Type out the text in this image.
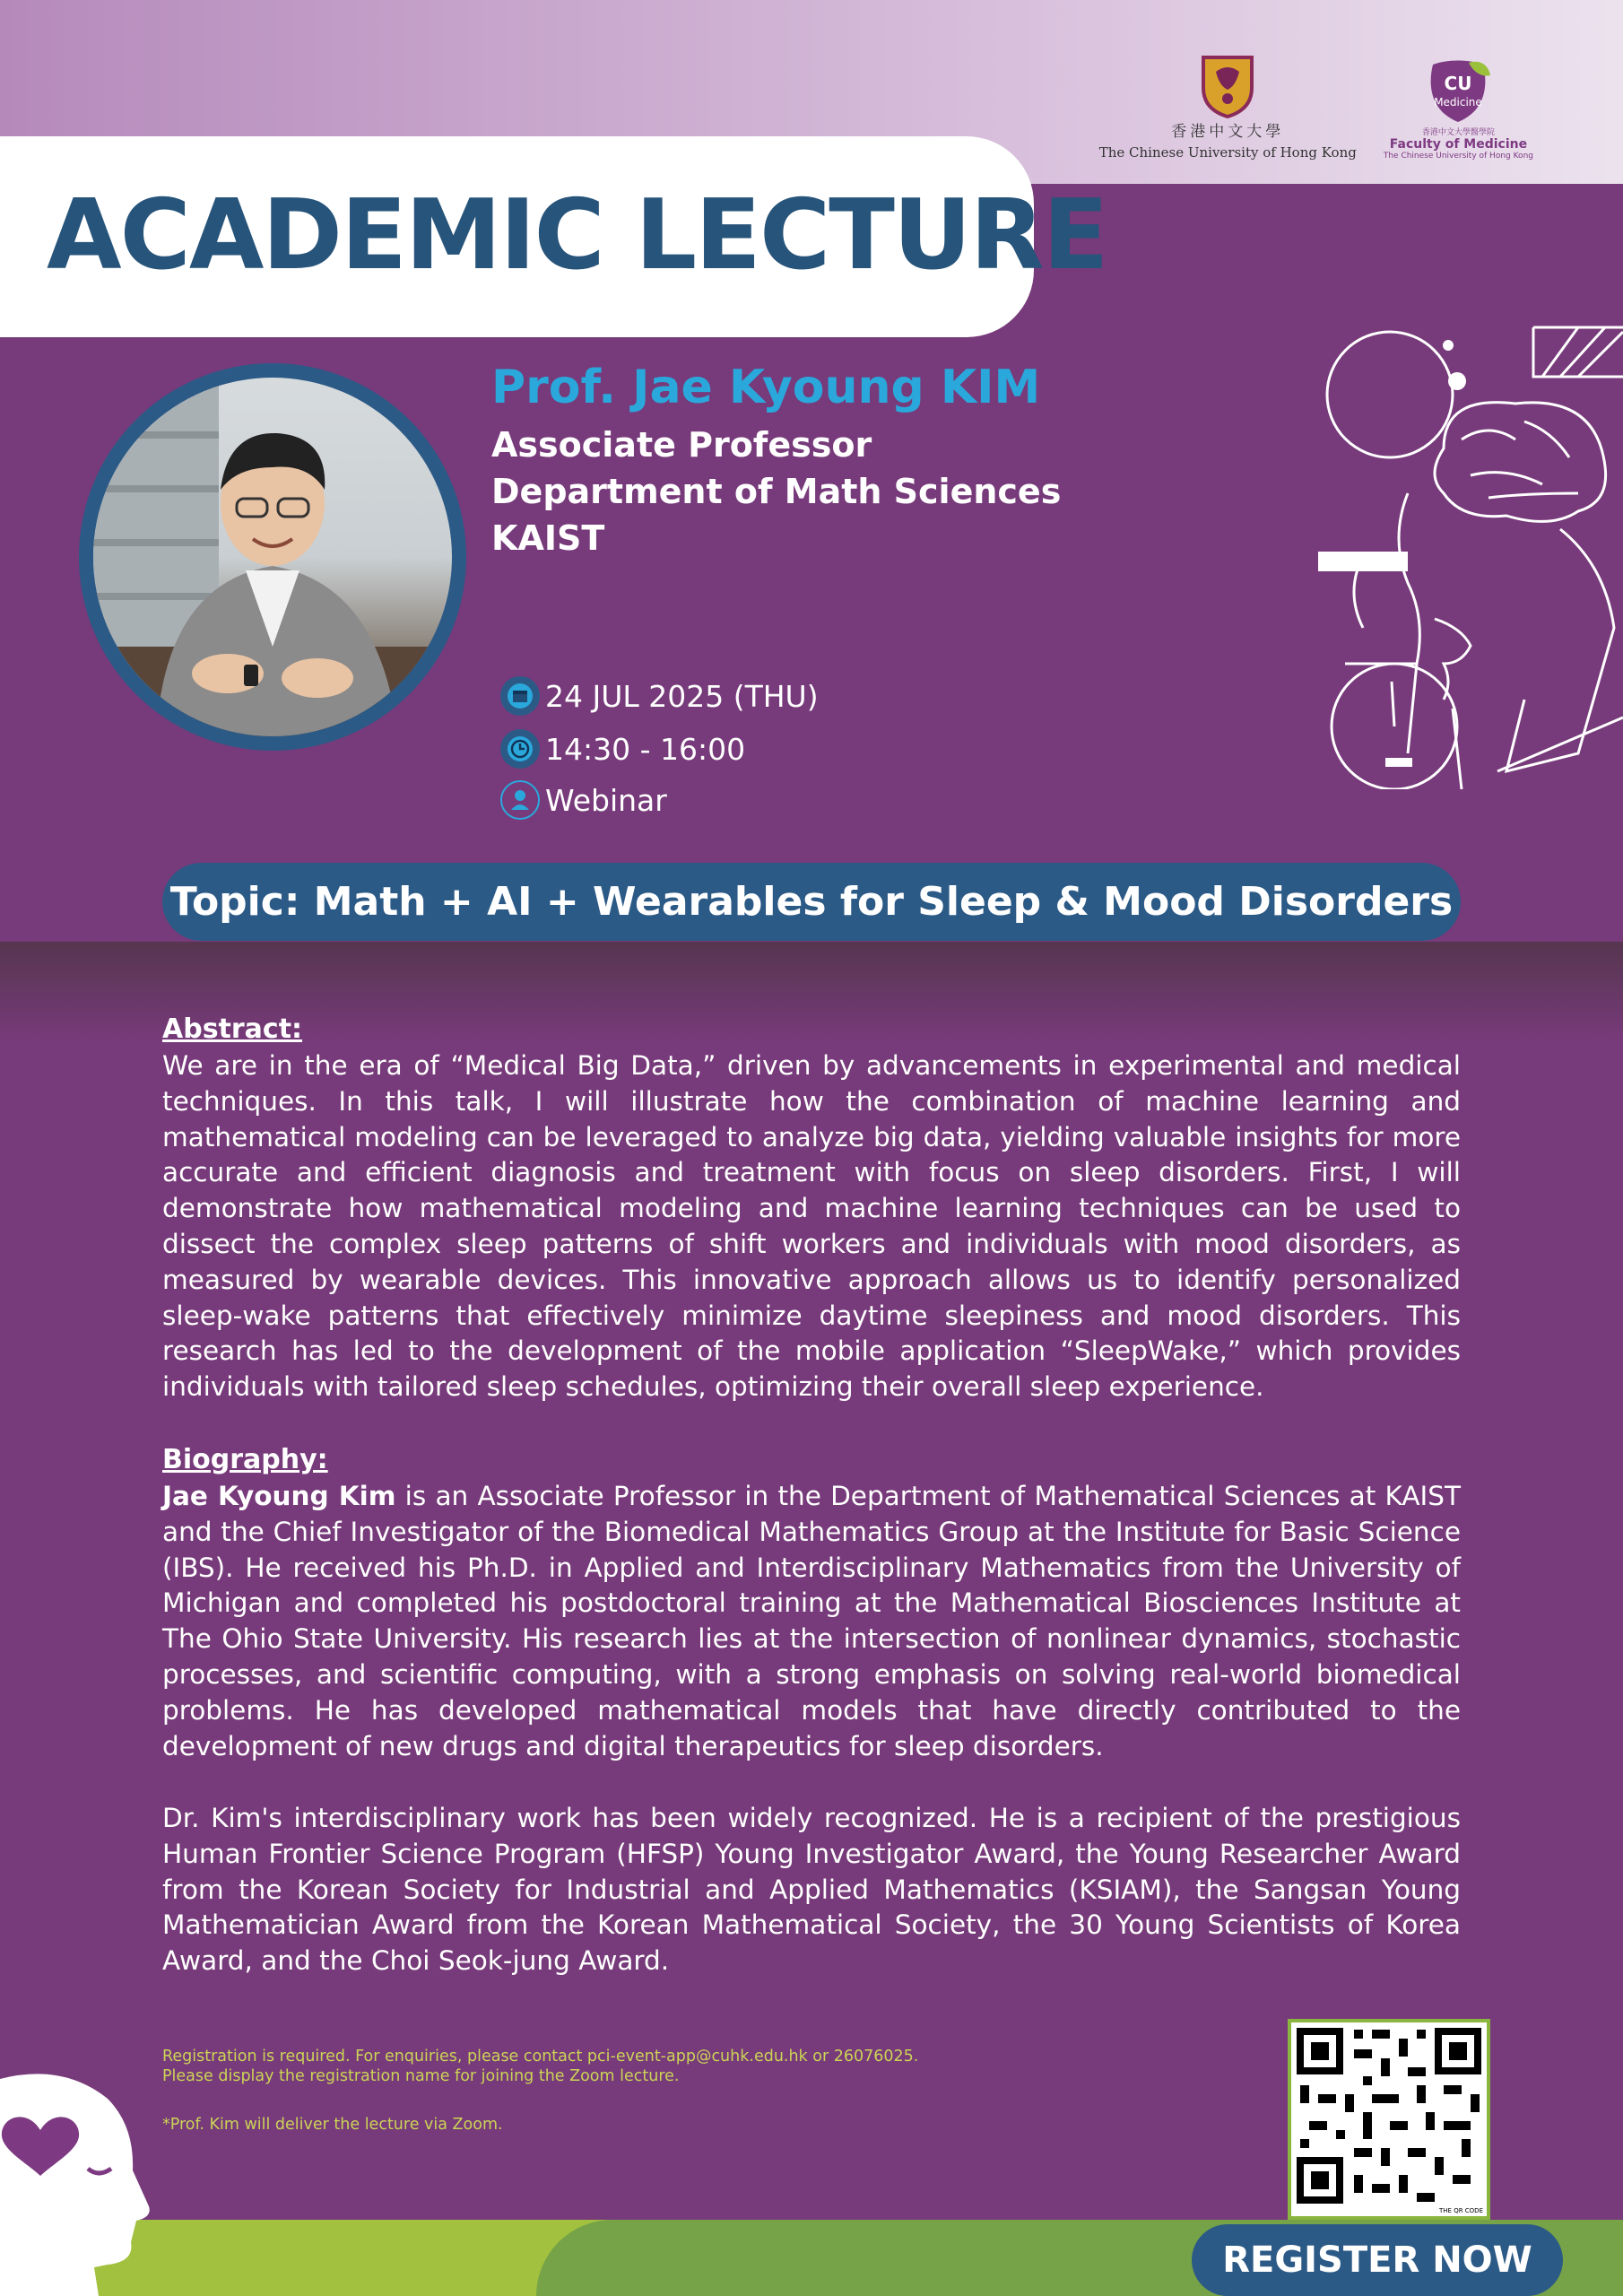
香港中文大學
The Chinese University of Hong Kong
CU
Medicine
香港中文大學醫學院
Faculty of Medicine
The Chinese University of Hong Kong
ACADEMIC LECTURE
Prof. Jae Kyoung KIM
Associate Professor
Department of Math Sciences
KAIST
24 JUL 2025 (THU)
14:30 - 16:00
Webinar
Topic: Math + AI + Wearables for Sleep & Mood Disorders
Abstract:
We are in the era of “Medical Big Data,” driven by advancements in experimental and medical techniques. In this talk, I will illustrate how the combination of machine learning and mathematical modeling can be leveraged to analyze big data, yielding valuable insights for more accurate and efficient diagnosis and treatment with focus on sleep disorders. First, I will demonstrate how mathematical modeling and machine learning techniques can be used to dissect the complex sleep patterns of shift workers and individuals with mood disorders, as measured by wearable devices. This innovative approach allows us to identify personalized sleep-wake patterns that effectively minimize daytime sleepiness and mood disorders. This research has led to the development of the mobile application “SleepWake,” which provides individuals with tailored sleep schedules, optimizing their overall sleep experience.
Biography:
Jae Kyoung Kim is an Associate Professor in the Department of Mathematical Sciences at KAIST and the Chief Investigator of the Biomedical Mathematics Group at the Institute for Basic Science (IBS). He received his Ph.D. in Applied and Interdisciplinary Mathematics from the University of Michigan and completed his postdoctoral training at the Mathematical Biosciences Institute at The Ohio State University. His research lies at the intersection of nonlinear dynamics, stochastic processes, and scientific computing, with a strong emphasis on solving real-world biomedical problems. He has developed mathematical models that have directly contributed to the development of new drugs and digital therapeutics for sleep disorders.
Dr. Kim's interdisciplinary work has been widely recognized. He is a recipient of the prestigious Human Frontier Science Program (HFSP) Young Investigator Award, the Young Researcher Award from the Korean Society for Industrial and Applied Mathematics (KSIAM), the Sangsan Young Mathematician Award from the Korean Mathematical Society, the 30 Young Scientists of Korea Award, and the Choi Seok-jung Award.
Registration is required. For enquiries, please contact pci-event-app@cuhk.edu.hk or 26076025.
Please display the registration name for joining the Zoom lecture.
*Prof. Kim will deliver the lecture via Zoom.
THE QR CODE
REGISTER NOW
